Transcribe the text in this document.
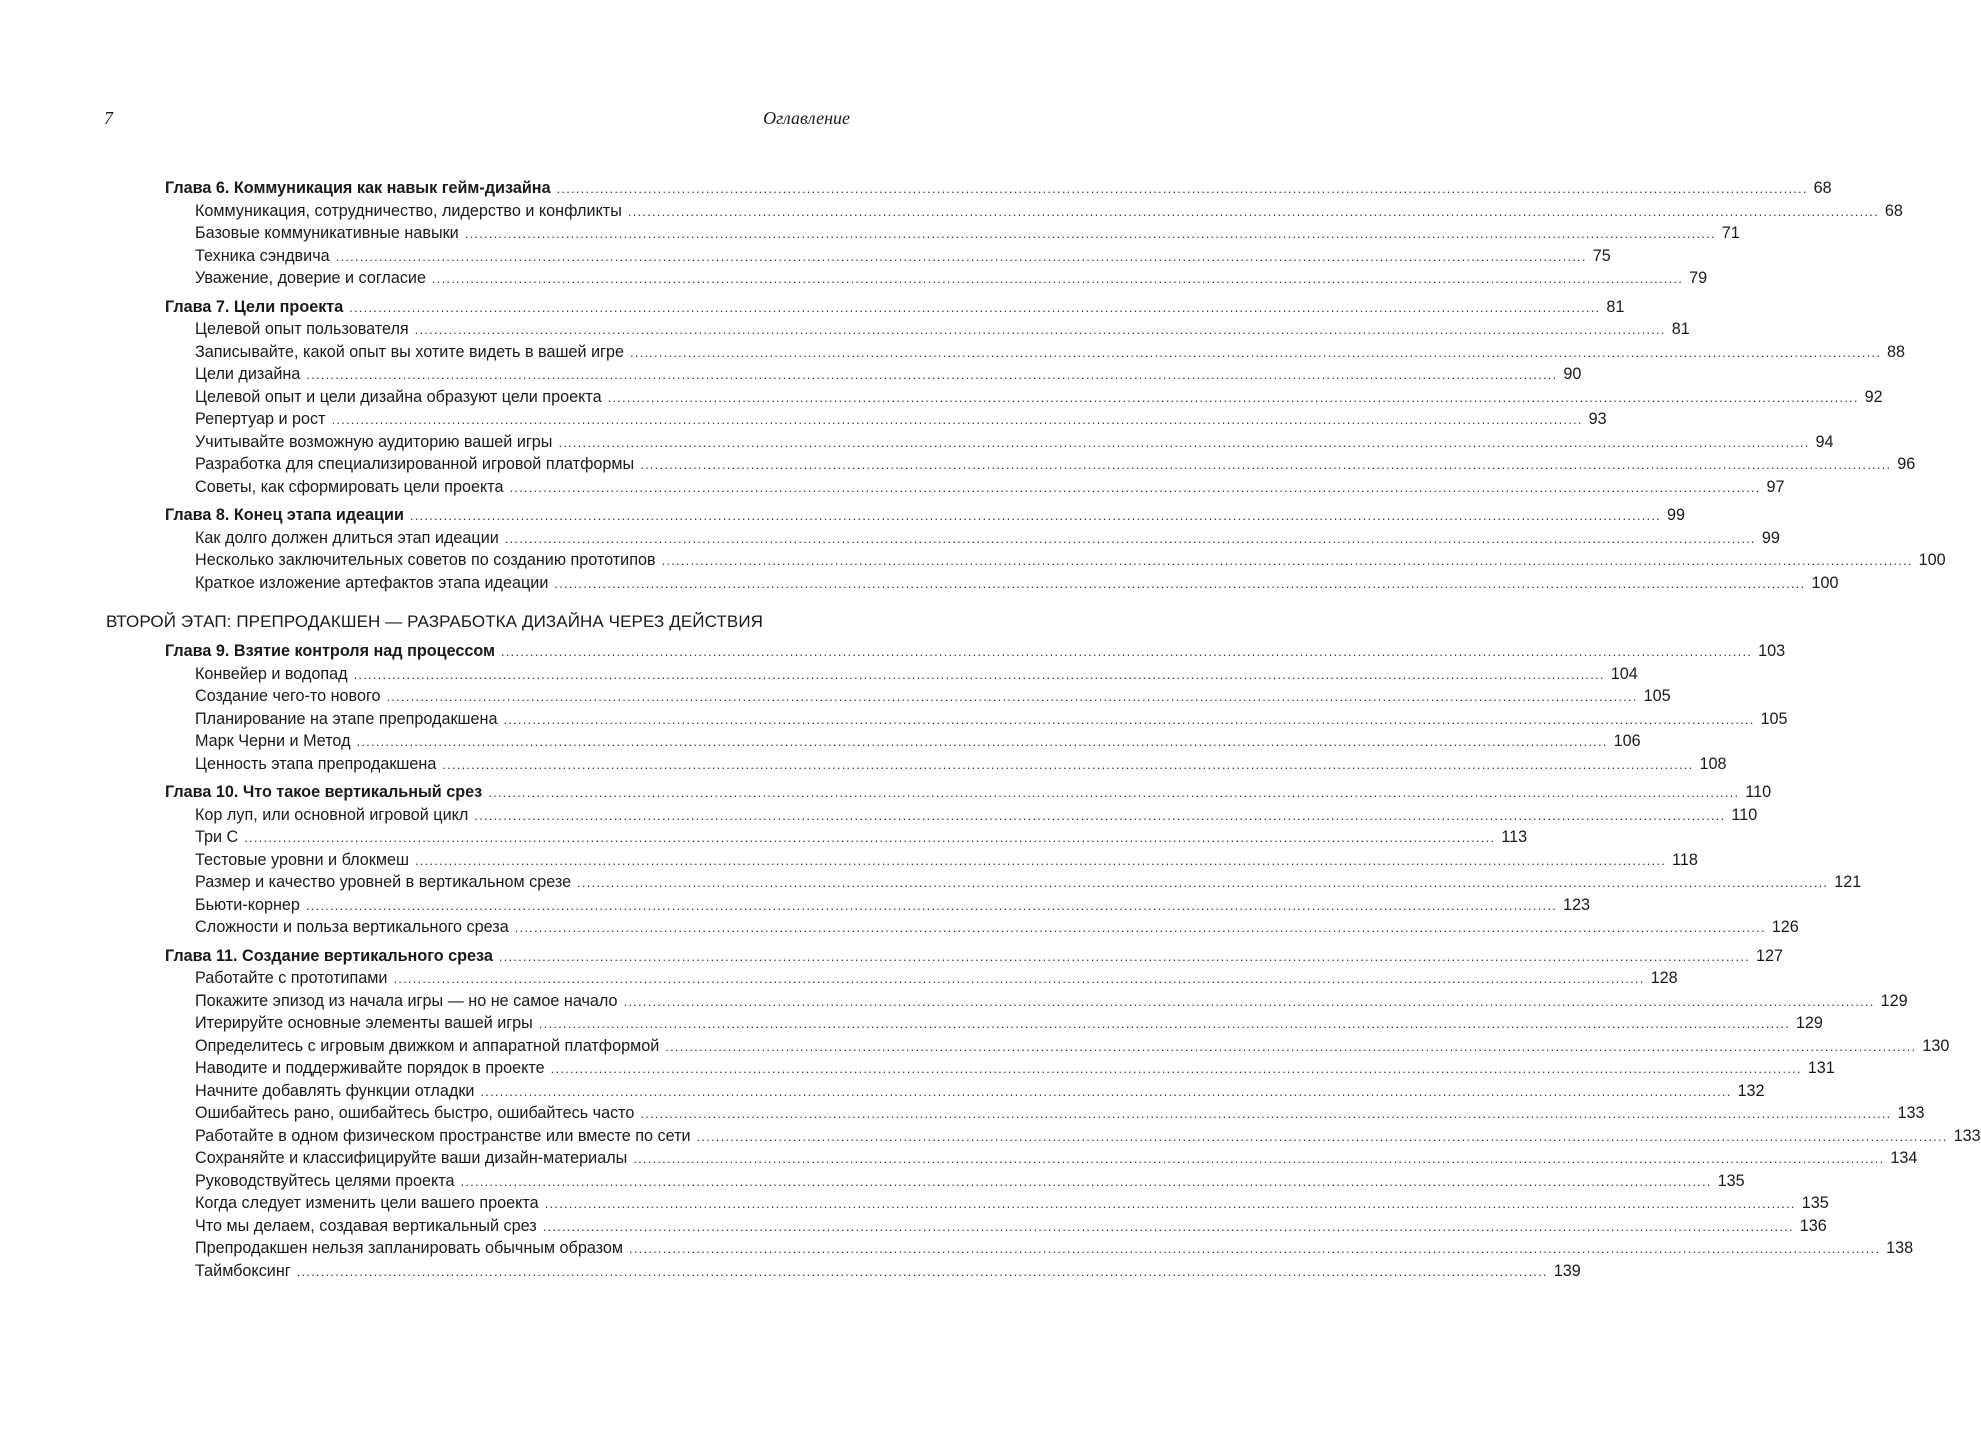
7	Оглавление
Глава 6. Коммуникация как навык гейм-дизайна .....	68
Коммуникация, сотрудничество, лидерство и конфликты .....	68
Базовые коммуникативные навыки .....	71
Техника сэндвича .....	75
Уважение, доверие и согласие .....	79
Глава 7. Цели проекта .....	81
Целевой опыт пользователя .....	81
Записывайте, какой опыт вы хотите видеть в вашей игре .....	88
Цели дизайна .....	90
Целевой опыт и цели дизайна образуют цели проекта .....	92
Репертуар и рост .....	93
Учитывайте возможную аудиторию вашей игры .....	94
Разработка для специализированной игровой платформы .....	96
Советы, как сформировать цели проекта .....	97
Глава 8. Конец этапа идеации .....	99
Как долго должен длиться этап идеации .....	99
Несколько заключительных советов по созданию прототипов .....	100
Краткое изложение артефактов этапа идеации .....	100
ВТОРОЙ ЭТАП: ПРЕПРОДАКШЕН — РАЗРАБОТКА ДИЗАЙНА ЧЕРЕЗ ДЕЙСТВИЯ
Глава 9. Взятие контроля над процессом .....	103
Конвейер и водопад .....	104
Создание чего-то нового .....	105
Планирование на этапе препродакшена .....	105
Марк Черни и Метод .....	106
Ценность этапа препродакшена .....	108
Глава 10. Что такое вертикальный срез .....	110
Кор луп, или основной игровой цикл .....	110
Три С .....	113
Тестовые уровни и блокмеш .....	118
Размер и качество уровней в вертикальном срезе .....	121
Бьюти-корнер .....	123
Сложности и польза вертикального среза .....	126
Глава 11. Создание вертикального среза .....	127
Работайте с прототипами .....	128
Покажите эпизод из начала игры — но не самое начало .....	129
Итерируйте основные элементы вашей игры .....	129
Определитесь с игровым движком и аппаратной платформой .....	130
Наводите и поддерживайте порядок в проекте .....	131
Начните добавлять функции отладки .....	132
Ошибайтесь рано, ошибайтесь быстро, ошибайтесь часто .....	133
Работайте в одном физическом пространстве или вместе по сети .....	133
Сохраняйте и классифицируйте ваши дизайн-материалы .....	134
Руководствуйтесь целями проекта .....	135
Когда следует изменить цели вашего проекта .....	135
Что мы делаем, создавая вертикальный срез .....	136
Препродакшен нельзя запланировать обычным образом .....	138
Таймбоксинг .....	139
